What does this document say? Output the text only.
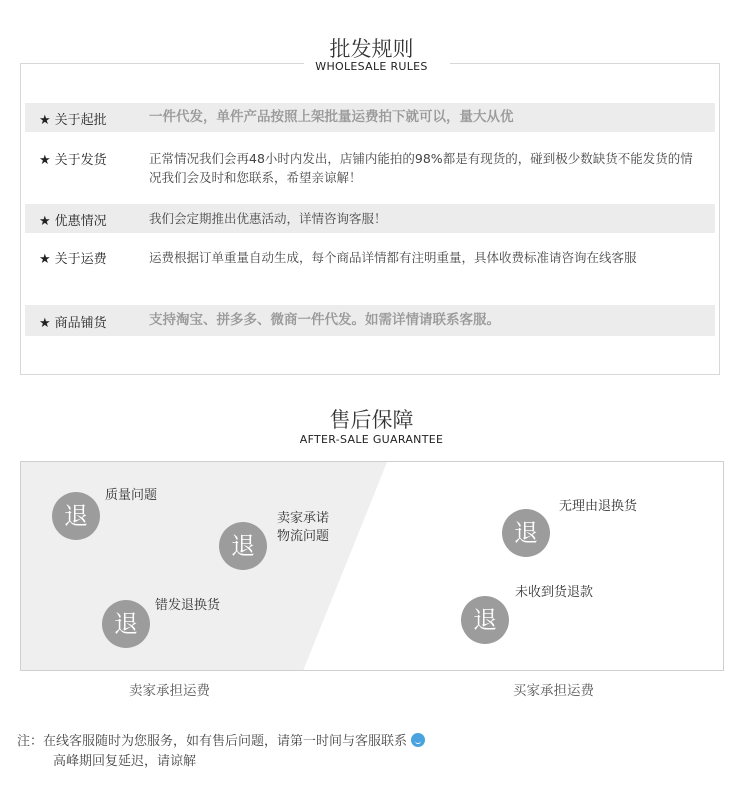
批发规则
★ 关于起批	一件代发，单件产品按照上架批量运费拍下就可以，量大从优
★ 关于发货	正常情况我们会再48小时内发出，店铺内能拍的98%都是有现货的，碰到极少数缺货不能发货的情况我们会及时和您联系，希望亲谅解！
★ 优惠情况	我们会定期推出优惠活动，详情咨询客服！
★ 关于运费	运费根据订单重量自动生成，每个商品详情都有注明重量，具体收费标准请咨询在线客服
★ 商品铺货	支持淘宝、拼多多、微商一件代发。如需详情请联系客服。
WHOLESALE RULES
售后保障
AFTER-SALE GUARANTEE
退
质量问题
退
卖家承诺
物流问题
退
错发退换货
退
无理由退换货
退
未收到货退款
卖家承担运费	买家承担运费
注：在线客服随时为您服务，如有售后问题，请第一时间与客服联系
高峰期回复延迟，请谅解
